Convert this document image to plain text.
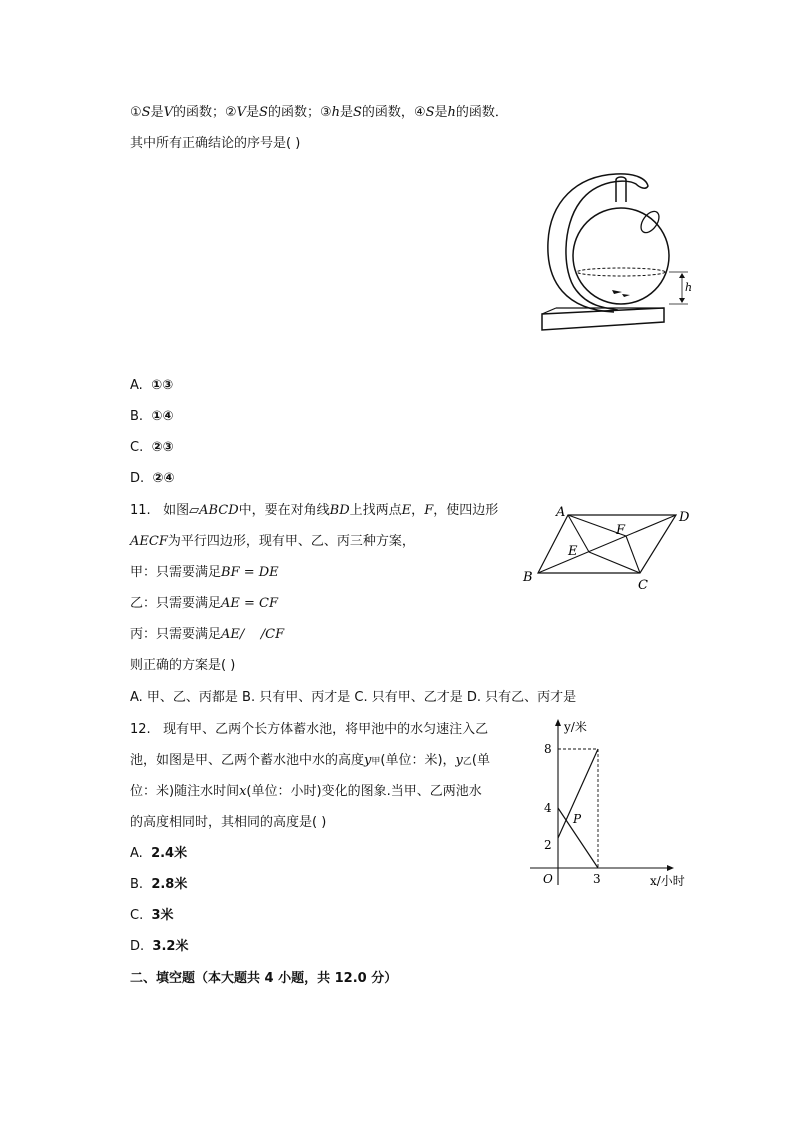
①S是V的函数；②V是S的函数；③h是S的函数，④S是h的函数．
其中所有正确结论的序号是( )
h
A. ①③
B. ①④
C. ②③
D. ②④
11. 如图▱ABCD中，要在对角线BD上找两点E，F，使四边形
AECF为平行四边形，现有甲、乙、丙三种方案，
甲：只需要满足BF = DE
乙：只需要满足AE = CF
丙：只需要满足AE/    /CF
则正确的方案是( )
A. 甲、乙、丙都是 B. 只有甲、丙才是 C. 只有甲、乙才是 D. 只有乙、丙才是
A	D
B
C
E
F
12. 现有甲、乙两个长方体蓄水池，将甲池中的水匀速注入乙
池，如图是甲、乙两个蓄水池中水的高度y甲(单位：米)，y乙(单
位：米)随注水时间x(单位：小时)变化的图象.当甲、乙两池水
的高度相同时，其相同的高度是( )
A. 2.4米
B. 2.8米
C. 3米
D. 3.2米
y/米
x/小时
O
8
4
2
3
P
二、填空题（本大题共 4 小题，共 12.0 分）
